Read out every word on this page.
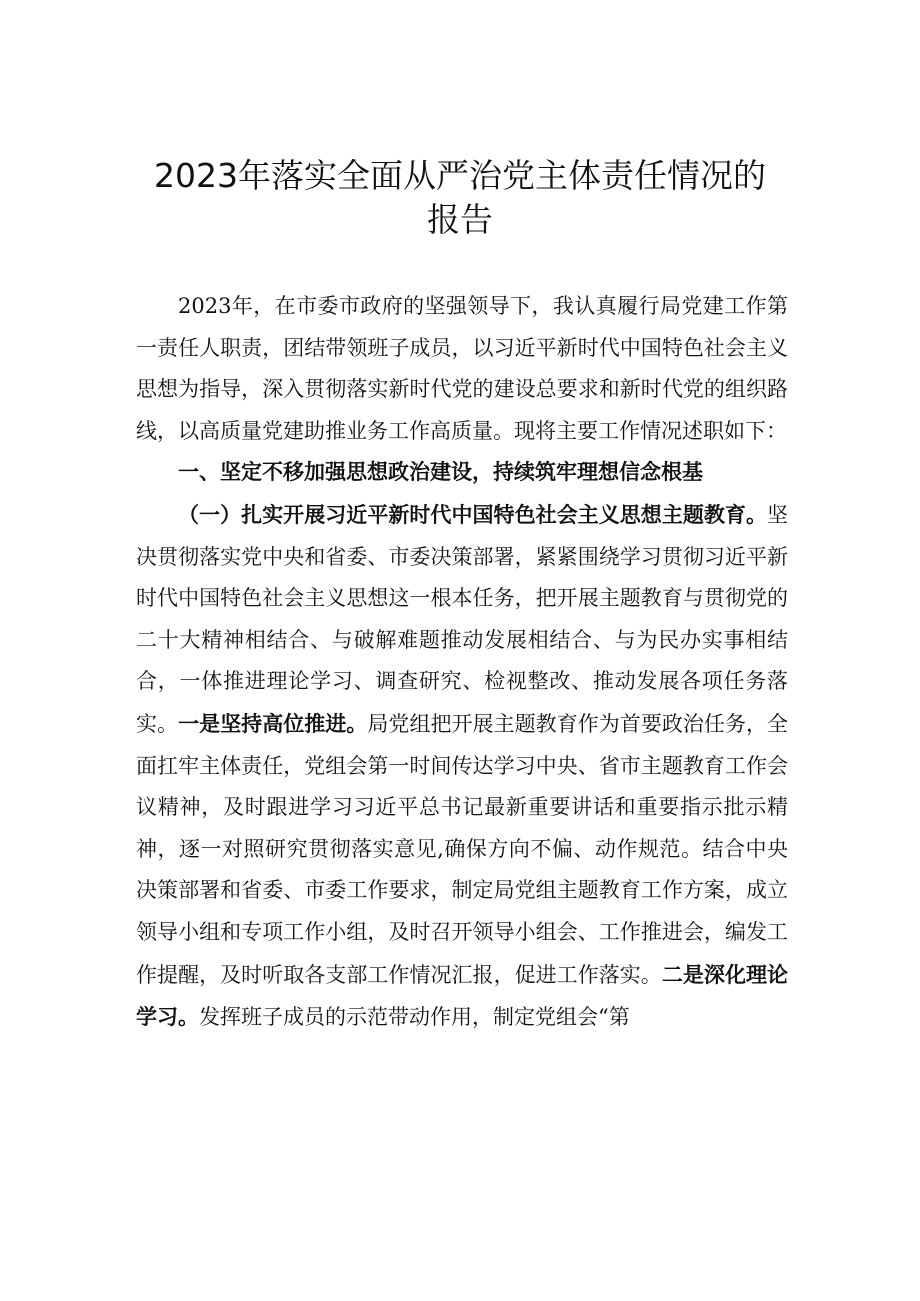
2023年落实全面从严治党主体责任情况的
报告

2023年，在市委市政府的坚强领导下，我认真履行局党建工作第一责任人职责，团结带领班子成员，以习近平新时代中国特色社会主义思想为指导，深入贯彻落实新时代党的建设总要求和新时代党的组织路线，以高质量党建助推业务工作高质量。现将主要工作情况述职如下：

一、坚定不移加强思想政治建设，持续筑牢理想信念根基

（一）扎实开展习近平新时代中国特色社会主义思想主题教育。坚决贯彻落实党中央和省委、市委决策部署，紧紧围绕学习贯彻习近平新时代中国特色社会主义思想这一根本任务，把开展主题教育与贯彻党的二十大精神相结合、与破解难题推动发展相结合、与为民办实事相结合，一体推进理论学习、调查研究、检视整改、推动发展各项任务落实。一是坚持高位推进。局党组把开展主题教育作为首要政治任务，全面扛牢主体责任，党组会第一时间传达学习中央、省市主题教育工作会议精神，及时跟进学习习近平总书记最新重要讲话和重要指示批示精神，逐一对照研究贯彻落实意见,确保方向不偏、动作规范。结合中央决策部署和省委、市委工作要求，制定局党组主题教育工作方案，成立领导小组和专项工作小组，及时召开领导小组会、工作推进会，编发工作提醒，及时听取各支部工作情况汇报，促进工作落实。二是深化理论学习。发挥班子成员的示范带动作用，制定党组会“第
